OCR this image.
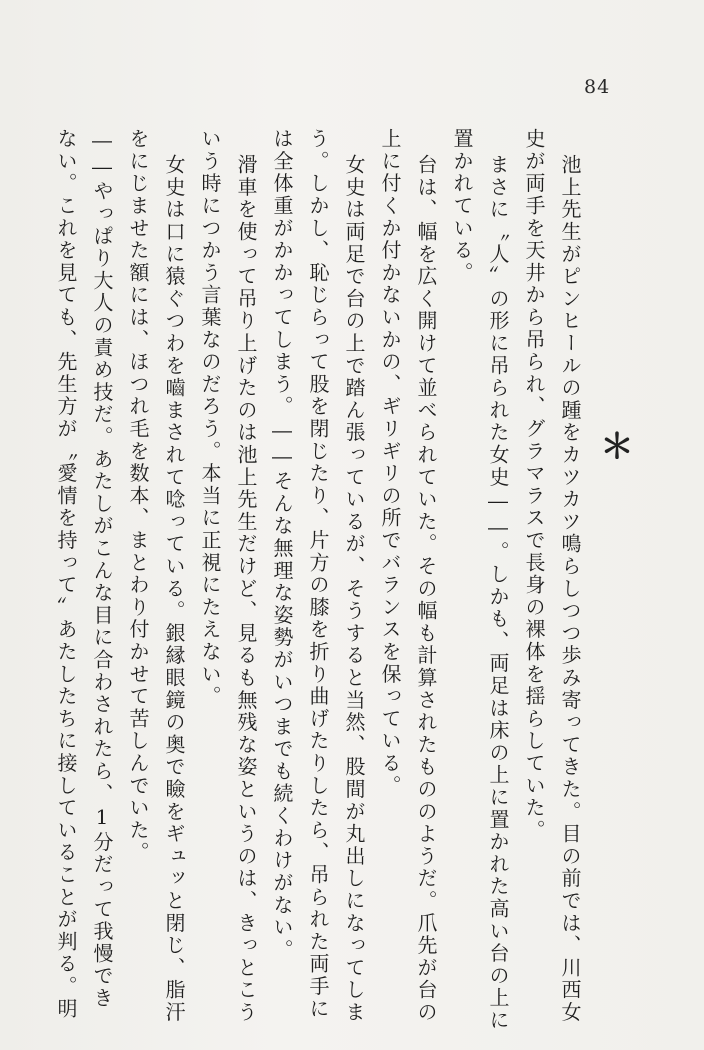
84
池上先生がピンヒールの踵をカツカツ鳴らしつつ歩み寄ってきた。目の前では、川西女
史が両手を天井から吊られ、グラマラスで長身の裸体を揺らしていた。
まさに〝人〟の形に吊られた女史――。しかも、両足は床の上に置かれた高い台の上に
置かれている。
＊
台は、幅を広く開けて並べられていた。その幅も計算されたもののようだ。爪先が台の
上に付くか付かないかの、ギリギリの所でバランスを保っている。
女史は両足で台の上で踏ん張っているが、そうすると当然、股間が丸出しになってしま
う。しかし、恥じらって股を閉じたり、片方の膝を折り曲げたりしたら、吊られた両手に
は全体重がかかってしまう。――そんな無理な姿勢がいつまでも続くわけがない。
滑車を使って吊り上げたのは池上先生だけど、見るも無残な姿というのは、きっとこう
いう時につかう言葉なのだろう。本当に正視にたえない。
女史は口に猿ぐつわを嚙まされて唸っている。銀縁眼鏡の奥で瞼をギュッと閉じ、脂汗
をにじませた額には、ほつれ毛を数本、まとわり付かせて苦しんでいた。
――やっぱり大人の責め技だ。あたしがこんな目に合わされたら、1分だって我慢でき
ない。これを見ても、先生方が〝愛情を持って〟あたしたちに接していることが判る。明
